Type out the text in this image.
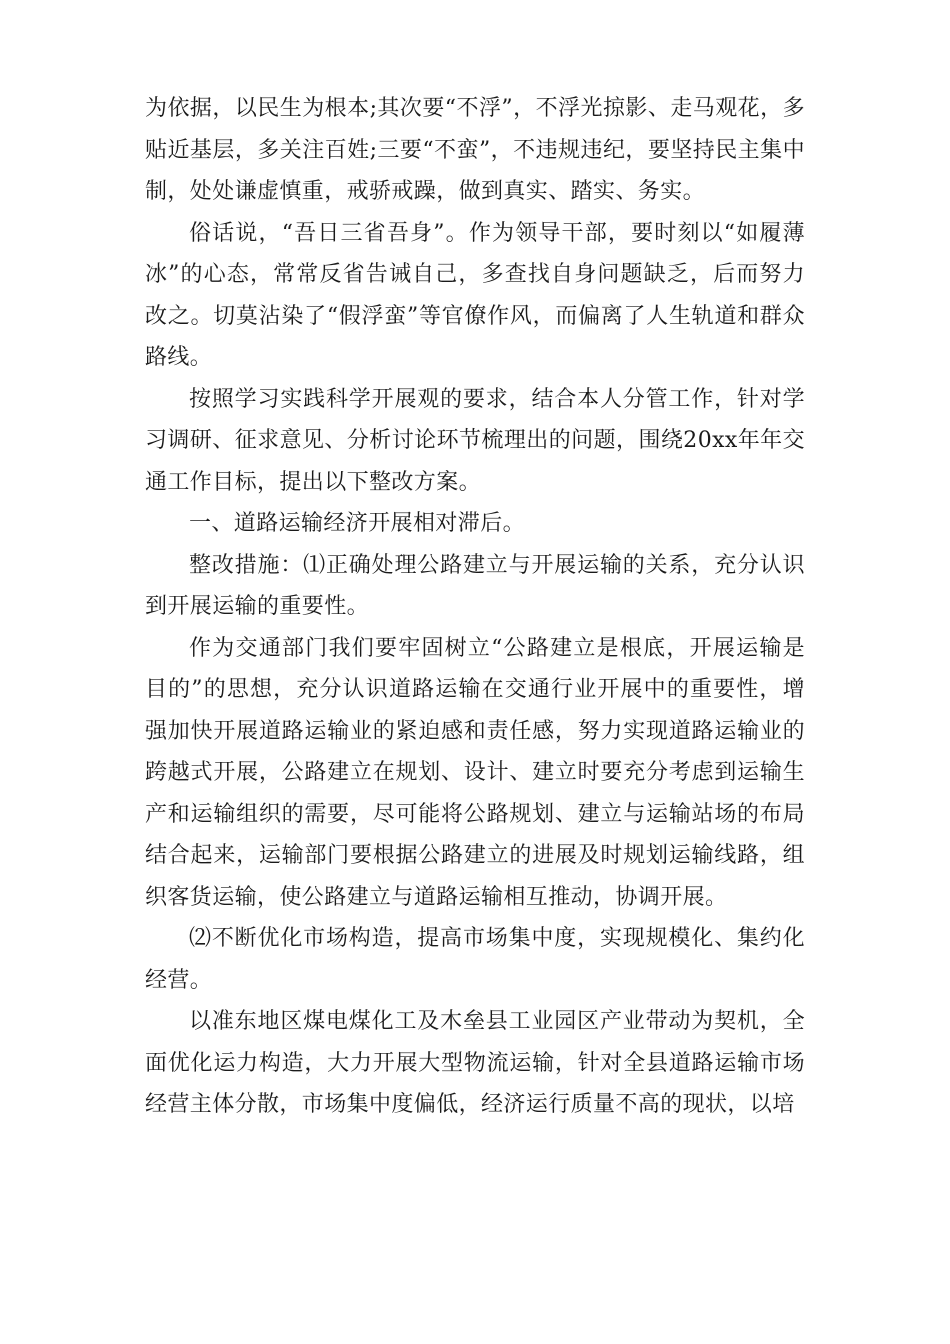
为依据，以民生为根本;其次要“不浮”，不浮光掠影、走马观花，多贴近基层，多关注百姓;三要“不蛮”，不违规违纪，要坚持民主集中制，处处谦虚慎重，戒骄戒躁，做到真实、踏实、务实。

俗话说，“吾日三省吾身”。作为领导干部，要时刻以“如履薄冰”的心态，常常反省告诫自己，多查找自身问题缺乏，后而努力改之。切莫沾染了“假浮蛮”等官僚作风，而偏离了人生轨道和群众路线。

按照学习实践科学开展观的要求，结合本人分管工作，针对学习调研、征求意见、分析讨论环节梳理出的问题，围绕20xx年年交通工作目标，提出以下整改方案。

一、道路运输经济开展相对滞后。

整改措施：⑴正确处理公路建立与开展运输的关系，充分认识到开展运输的重要性。

作为交通部门我们要牢固树立“公路建立是根底，开展运输是目的”的思想，充分认识道路运输在交通行业开展中的重要性，增强加快开展道路运输业的紧迫感和责任感，努力实现道路运输业的跨越式开展，公路建立在规划、设计、建立时要充分考虑到运输生产和运输组织的需要，尽可能将公路规划、建立与运输站场的布局结合起来，运输部门要根据公路建立的进展及时规划运输线路，组织客货运输，使公路建立与道路运输相互推动，协调开展。

⑵不断优化市场构造，提高市场集中度，实现规模化、集约化经营。

以准东地区煤电煤化工及木垒县工业园区产业带动为契机，全面优化运力构造，大力开展大型物流运输，针对全县道路运输市场经营主体分散，市场集中度偏低，经济运行质量不高的现状，以培
